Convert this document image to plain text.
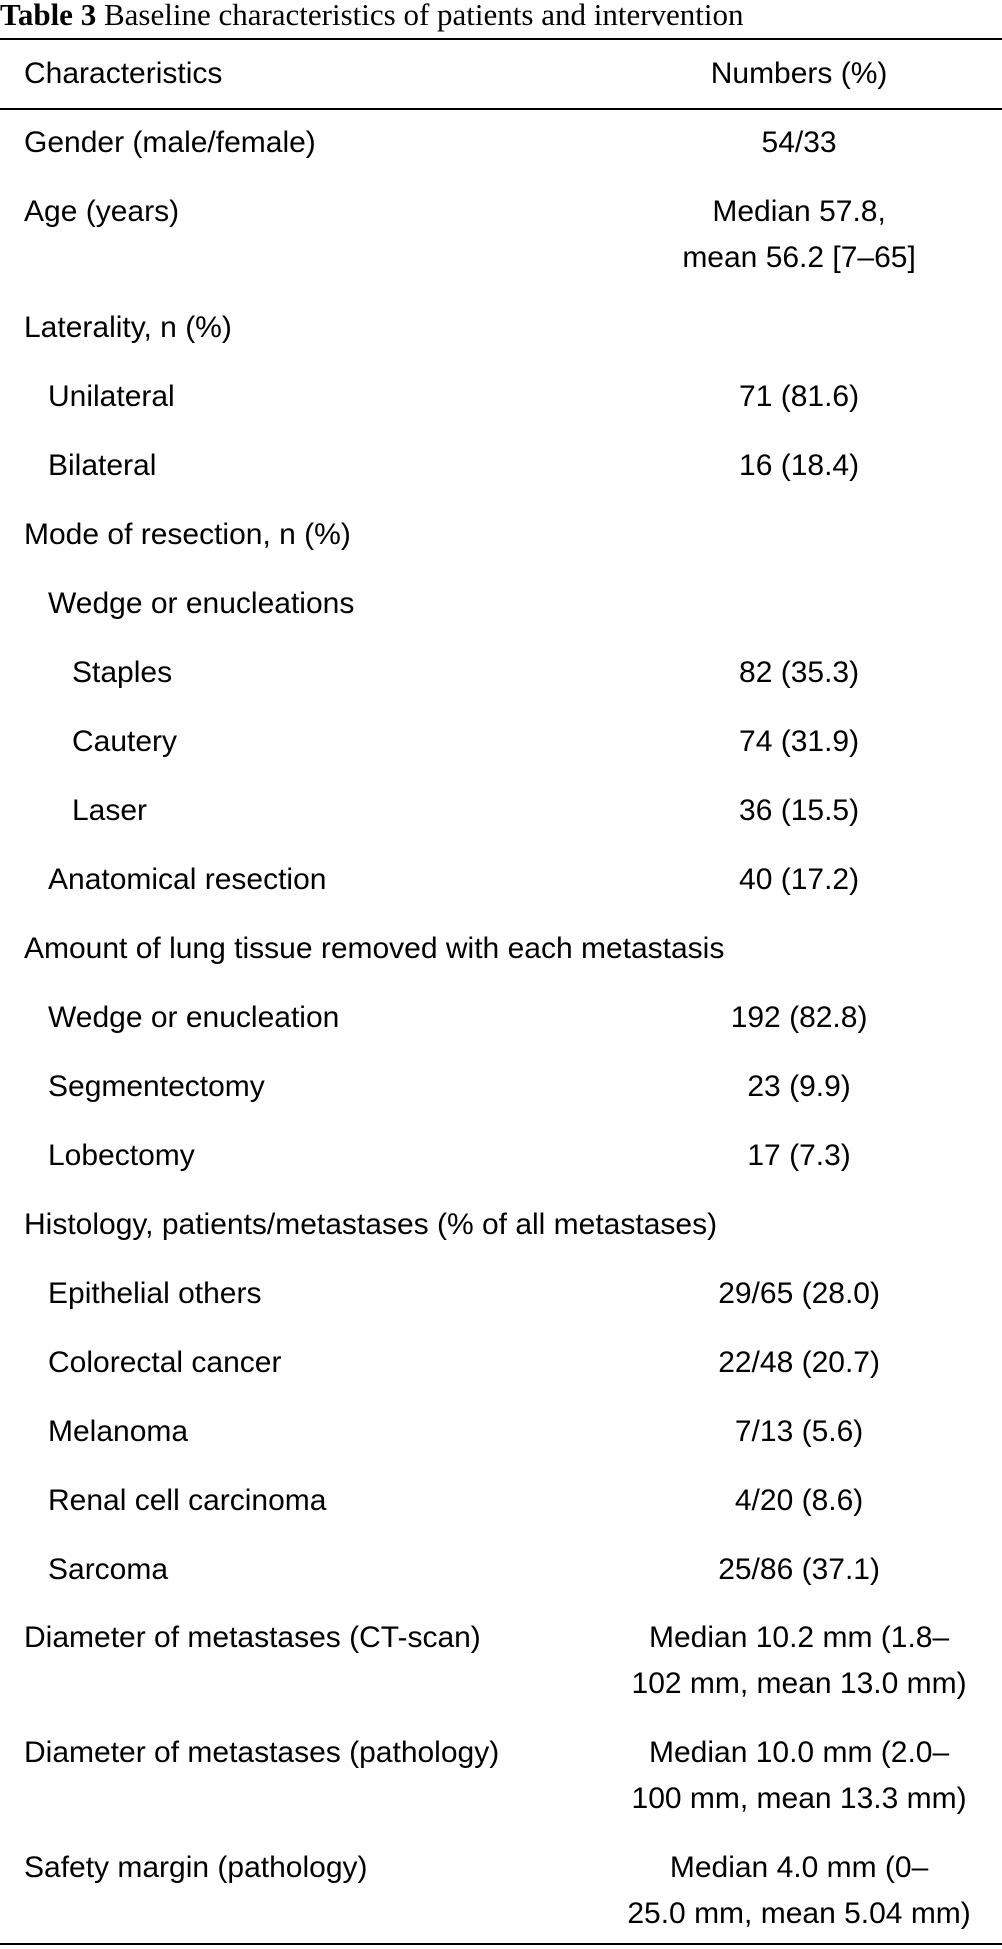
Table 3 Baseline characteristics of patients and intervention
Characteristics	Numbers (%)
Gender (male/female)	54/33
Age (years)	Median 57.8,
mean 56.2 [7–65]

Laterality, n (%)	
Unilateral	71 (81.6)
Bilateral	16 (18.4)
Mode of resection, n (%)	
Wedge or enucleations	
Staples	82 (35.3)
Cautery	74 (31.9)
Laser	36 (15.5)
Anatomical resection	40 (17.2)
Amount of lung tissue removed with each metastasis	
Wedge or enucleation	192 (82.8)
Segmentectomy	23 (9.9)
Lobectomy	17 (7.3)
Histology, patients/metastases (% of all metastases)	
Epithelial others	29/65 (28.0)
Colorectal cancer	22/48 (20.7)
Melanoma	7/13 (5.6)
Renal cell carcinoma	4/20 (8.6)
Sarcoma	25/86 (37.1)
Diameter of metastases (CT-scan)	Median 10.2 mm (1.8–
102 mm, mean 13.0 mm)

Diameter of metastases (pathology)	Median 10.0 mm (2.0–
100 mm, mean 13.3 mm)

Safety margin (pathology)	Median 4.0 mm (0–
25.0 mm, mean 5.04 mm)
